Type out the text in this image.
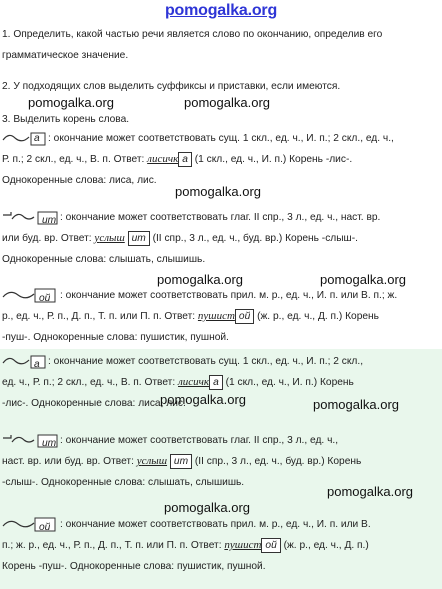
pomogalka.org

1. Определить, какой частью речи является слово по окончанию, определив его

грамматическое значение.

2. У подходящих слов выделить суффиксы и приставки, если имеются.

3. Выделить корень слова.

а : окончание может соответствовать сущ. 1 скл., ед. ч., И. п.; 2 скл., ед. ч.,
Р. п.; 2 скл., ед. ч., В. п. Ответ: лисичк а (1 скл., ед. ч., И. п.) Корень -лис-.
Однокоренные слова: лиса, лис.
ит : окончание может соответствовать глаг. II спр., 3 л., ед. ч., наст. вр.
или буд. вр. Ответ: услыш ит (II спр., 3 л., ед. ч., буд. вр.) Корень -слыш-.
Однокоренные слова: слышать, слышишь.
ой : окончание может соответствовать прил. м. р., ед. ч., И. п. или В. п.; ж.
р., ед. ч., Р. п., Д. п., Т. п. или П. п. Ответ: пушист ой (ж. р., ед. ч., Д. п.) Корень
-пуш-. Однокоренные слова: пушистик, пушной.
а : окончание может соответствовать сущ. 1 скл., ед. ч., И. п.; 2 скл.,
ед. ч., Р. п.; 2 скл., ед. ч., В. п. Ответ: лисичк а (1 скл., ед. ч., И. п.) Корень
-лис-. Однокоренные слова: лиса, лис.
ит : окончание может соответствовать глаг. II спр., 3 л., ед. ч.,
наст. вр. или буд. вр. Ответ: услыш ит (II спр., 3 л., ед. ч., буд. вр.) Корень
-слыш-. Однокоренные слова: слышать, слышишь.
ой : окончание может соответствовать прил. м. р., ед. ч., И. п. или В.
п.; ж. р., ед. ч., Р. п., Д. п., Т. п. или П. п. Ответ: пушист ой (ж. р., ед. ч., Д. п.)
Корень -пуш-. Однокоренные слова: пушистик, пушной.
pomogalka.org	pomogalka.org
pomogalka.org
pomogalka.org	pomogalka.org
pomogalka.org	pomogalka.org
pomogalka.org
pomogalka.org
